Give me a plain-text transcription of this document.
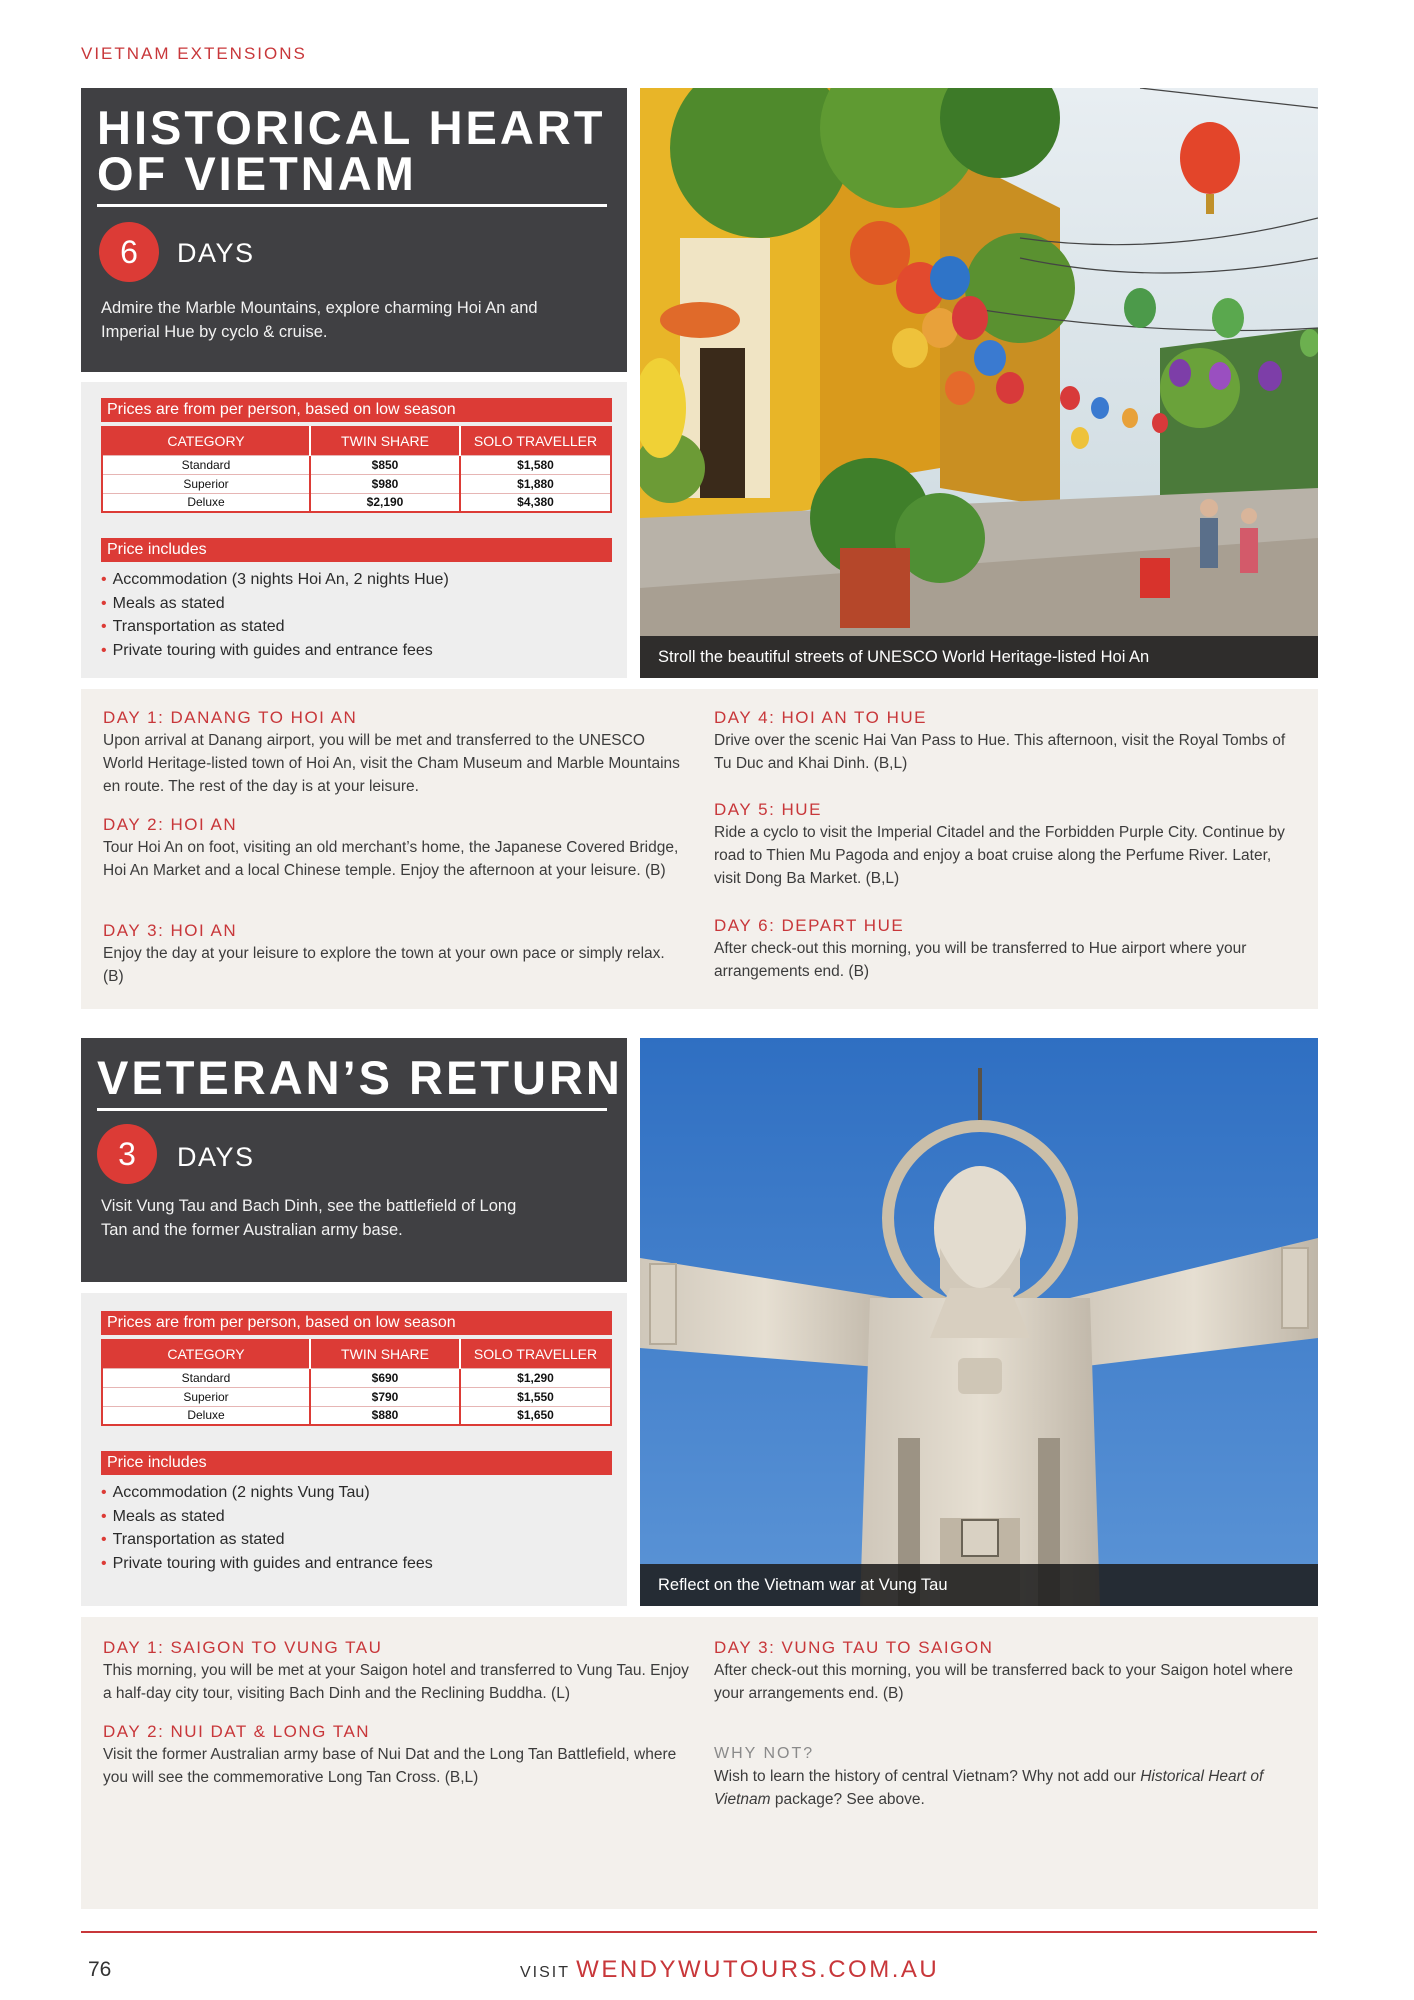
VIETNAM EXTENSIONS
HISTORICAL HEART
OF VIETNAM
6	DAYS
Admire the Marble Mountains, explore charming Hoi An and Imperial Hue by cyclo & cruise.
Prices are from per person, based on low season
CATEGORY	TWIN SHARE	SOLO TRAVELLER
Standard	$850	$1,580
Superior	$980	$1,880
Deluxe	$2,190	$4,380
Price includes
• Accommodation (3 nights Hoi An, 2 nights Hue)
• Meals as stated
• Transportation as stated
• Private touring with guides and entrance fees	Stroll the beautiful streets of UNESCO World Heritage-listed Hoi An
DAY 1: DANANG TO HOI AN

Upon arrival at Danang airport, you will be met and transferred to the UNESCO World Heritage-listed town of Hoi An, visit the Cham Museum and Marble Mountains en route. The rest of the day is at your leisure.

DAY 2: HOI AN

Tour Hoi An on foot, visiting an old merchant’s home, the Japanese Covered Bridge, Hoi An Market and a local Chinese temple. Enjoy the afternoon at your leisure. (B)

DAY 3: HOI AN

Enjoy the day at your leisure to explore the town at your own pace or simply relax. (B)

DAY 4: HOI AN TO HUE

Drive over the scenic Hai Van Pass to Hue. This afternoon, visit the Royal Tombs of Tu Duc and Khai Dinh. (B,L)

DAY 5: HUE

Ride a cyclo to visit the Imperial Citadel and the Forbidden Purple City. Continue by road to Thien Mu Pagoda and enjoy a boat cruise along the Perfume River. Later, visit Dong Ba Market. (B,L)

DAY 6: DEPART HUE

After check-out this morning, you will be transferred to Hue airport where your arrangements end. (B)

VETERAN’S RETURN
3	DAYS
Visit Vung Tau and Bach Dinh, see the battlefield of Long Tan and the former Australian army base.
Prices are from per person, based on low season
CATEGORY	TWIN SHARE	SOLO TRAVELLER
Standard	$690	$1,290
Superior	$790	$1,550
Deluxe	$880	$1,650
Price includes
• Accommodation (2 nights Vung Tau)
• Meals as stated
• Transportation as stated
• Private touring with guides and entrance fees
Reflect on the Vietnam war at Vung Tau
DAY 1: SAIGON TO VUNG TAU

This morning, you will be met at your Saigon hotel and transferred to Vung Tau. Enjoy a half-day city tour, visiting Bach Dinh and the Reclining Buddha. (L)

DAY 2: NUI DAT & LONG TAN

Visit the former Australian army base of Nui Dat and the Long Tan Battlefield, where you will see the commemorative Long Tan Cross. (B,L)

DAY 3: VUNG TAU TO SAIGON

After check-out this morning, you will be transferred back to your Saigon hotel where your arrangements end. (B)

WHY NOT?

Wish to learn the history of central Vietnam? Why not add our Historical Heart of Vietnam package? See above.

76	VISIT WENDYWUTOURS.COM.AU
